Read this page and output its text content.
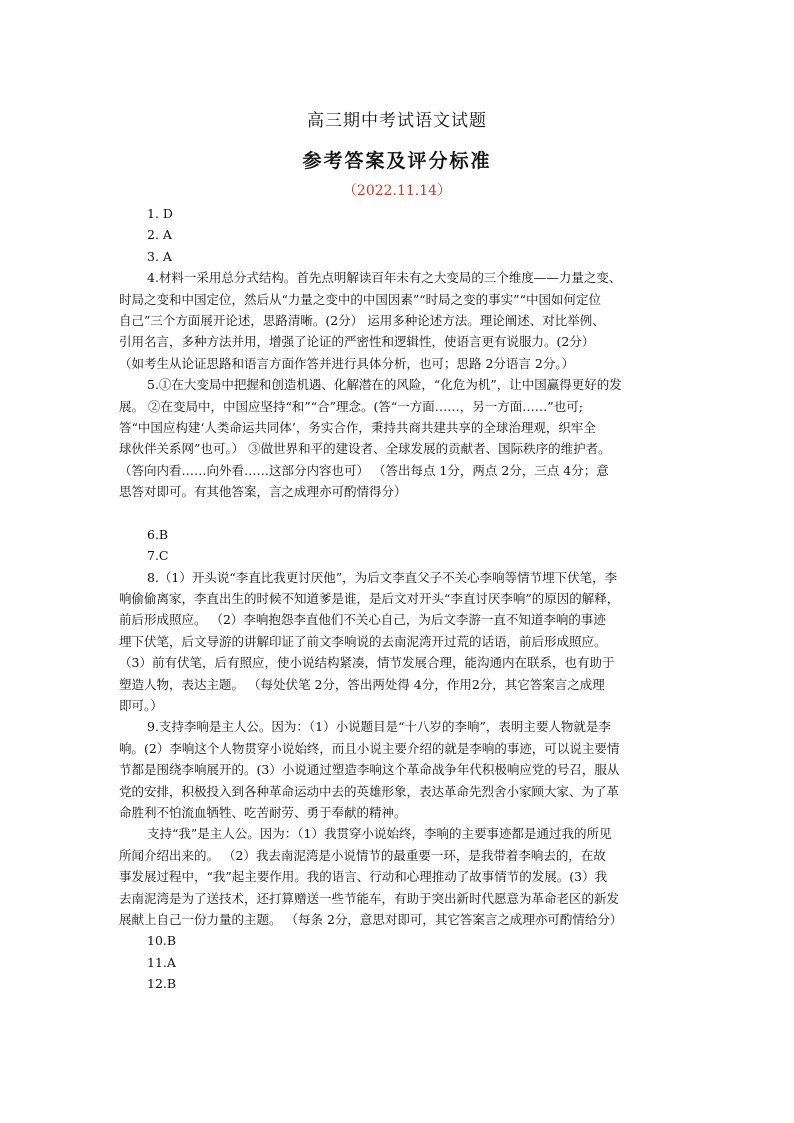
高三期中考试语文试题
参考答案及评分标准
（2022.11.14）
1. D
2. A
3. A
4.材料一采用总分式结构。首先点明解读百年未有之大变局的三个维度——力量之变、
时局之变和中国定位，然后从“力量之变中的中国因素”“时局之变的事实”“中国如何定位
自己”三个方面展开论述，思路清晰。(2分） 运用多种论述方法。理论阐述、对比举例、
引用名言，多种方法并用，增强了论证的严密性和逻辑性，使语言更有说服力。(2分）
（如考生从论证思路和语言方面作答并进行具体分析，也可；思路 2分语言 2分。）
5.①在大变局中把握和创造机遇、化解潜在的风险，“化危为机”，让中国赢得更好的发
展。 ②在变局中，中国应坚持“和”“合”理念。(答“一方面……，另一方面……”也可;
答“中国应构建‘人类命运共同体’，务实合作，秉持共商共建共享的全球治理观，织牢全
球伙伴关系网”也可。） ③做世界和平的建设者、全球发展的贡献者、国际秩序的维护者。
（答向内看……向外看……这部分内容也可） （答出每点 1分，两点 2分，三点 4分；意
思答对即可。有其他答案，言之成理亦可酌情得分）
6.B
7.C
8.（1）开头说“李直比我更讨厌他”，为后文李直父子不关心李响等情节埋下伏笔，李
响偷偷离家，李直出生的时候不知道爹是谁，是后文对开头“李直讨厌李响”的原因的解释，
前后形成照应。 （2）李响抱怨李直他们不关心自己，为后文李游一直不知道李响的事迹
埋下伏笔，后文导游的讲解印证了前文李响说的去南泥湾开过荒的话语，前后形成照应。
（3）前有伏笔，后有照应，使小说结构紧凑，情节发展合理，能沟通内在联系，也有助于
塑造人物，表达主题。 （每处伏笔 2分，答出两处得 4分，作用2分，其它答案言之成理
即可。）
9.支持李响是主人公。因为：（1）小说题目是“十八岁的李响”，表明主要人物就是李
响。(2）李响这个人物贯穿小说始终，而且小说主要介绍的就是李响的事迹，可以说主要情
节都是围绕李响展开的。(3）小说通过塑造李响这个革命战争年代积极响应党的号召，服从
党的安排，积极投入到各种革命运动中去的英雄形象，表达革命先烈舍小家顾大家、为了革
命胜利不怕流血牺牲、吃苦耐劳、勇于奉献的精神。
支持“我”是主人公。因为：（1）我贯穿小说始终，李响的主要事迹都是通过我的所见
所闻介绍出来的。 （2）我去南泥湾是小说情节的最重要一环，是我带着李响去的，在故
事发展过程中，“我”起主要作用。我的语言、行动和心理推动了故事情节的发展。(3）我
去南泥湾是为了送技术，还打算赠送一些节能车，有助于突出新时代愿意为革命老区的新发
展献上自己一份力量的主题。 （每条 2分，意思对即可，其它答案言之成理亦可酌情给分）
10.B
11.A
12.B
